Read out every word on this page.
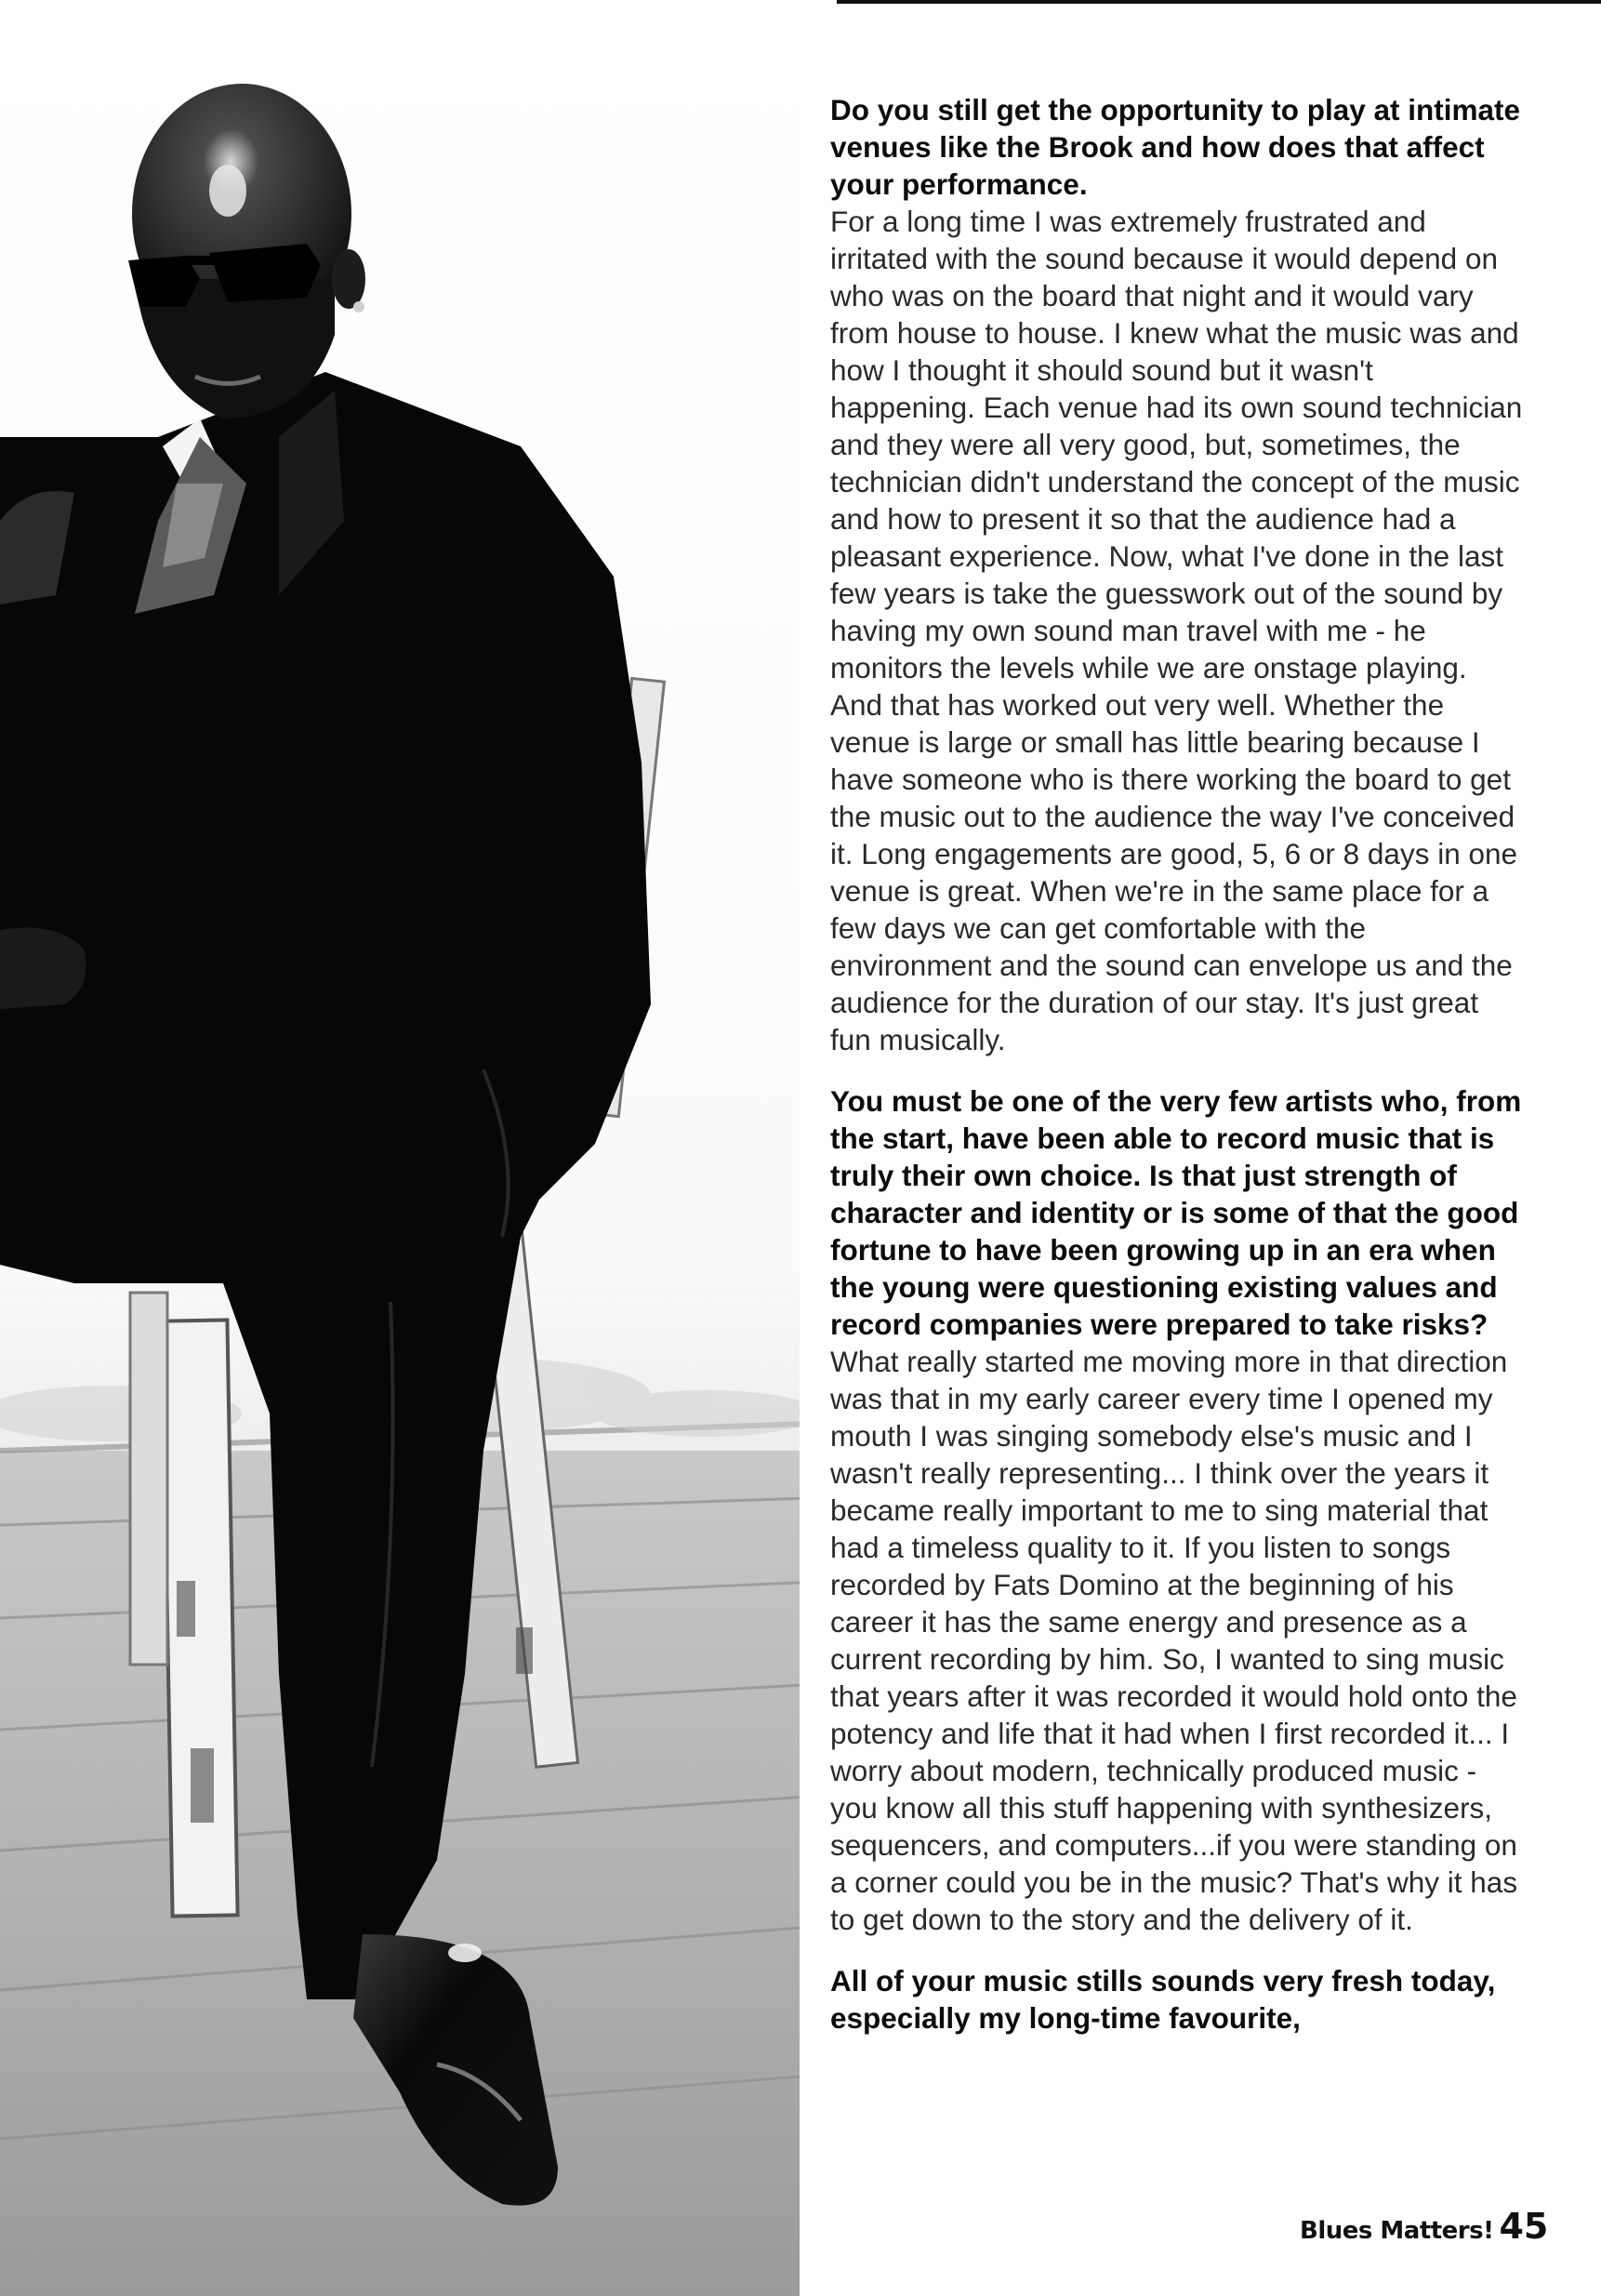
Do you still get the opportunity to play at intimate venues like the Brook and how does that affect your performance.

For a long time I was extremely frustrated and irritated with the sound because it would depend on who was on the board that night and it would vary from house to house. I knew what the music was and how I thought it should sound but it wasn't happening. Each venue had its own sound technician and they were all very good, but, sometimes, the technician didn't understand the concept of the music and how to present it so that the audience had a pleasant experience. Now, what I've done in the last few years is take the guesswork out of the sound by having my own sound man travel with me - he monitors the levels while we are onstage playing. And that has worked out very well. Whether the venue is large or small has little bearing because I have someone who is there working the board to get the music out to the audience the way I've conceived it. Long engagements are good, 5, 6 or 8 days in one venue is great. When we're in the same place for a few days we can get comfortable with the environment and the sound can envelope us and the audience for the duration of our stay. It's just great fun musically.

You must be one of the very few artists who, from the start, have been able to record music that is truly their own choice. Is that just strength of character and identity or is some of that the good fortune to have been growing up in an era when the young were questioning existing values and record companies were prepared to take risks?

What really started me moving more in that direction was that in my early career every time I opened my mouth I was singing somebody else's music and I wasn't really representing... I think over the years it became really important to me to sing material that had a timeless quality to it. If you listen to songs recorded by Fats Domino at the beginning of his career it has the same energy and presence as a current recording by him. So, I wanted to sing music that years after it was recorded it would hold onto the potency and life that it had when I first recorded it... I worry about modern, technically produced music - you know all this stuff happening with synthesizers, sequencers, and computers...if you were standing on a corner could you be in the music? That's why it has to get down to the story and the delivery of it.

All of your music stills sounds very fresh today, especially my long-time favourite,

Blues Matters! 45
